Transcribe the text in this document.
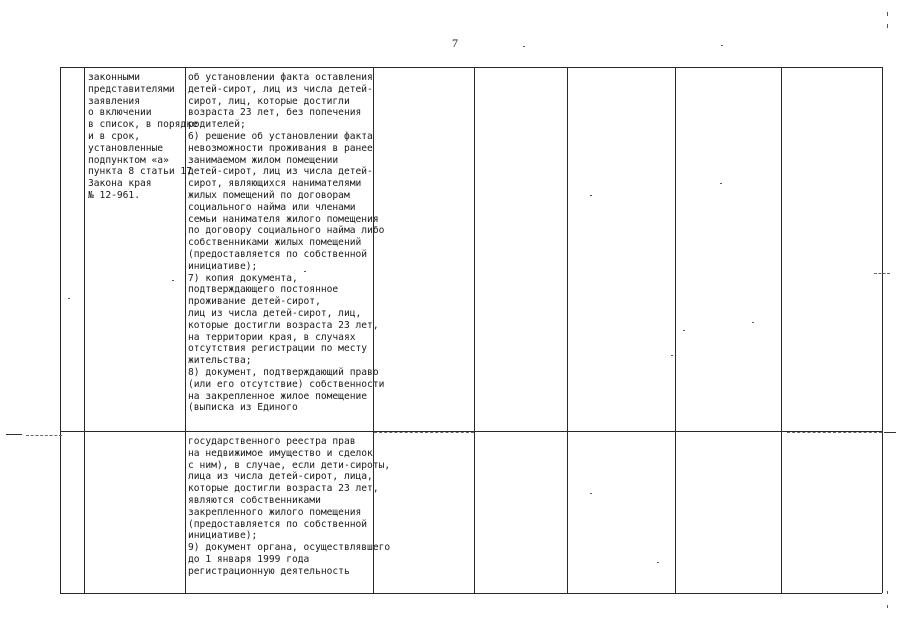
7
законными
представителями
заявления
о включении
в список, в порядке
и в срок,
установленные
подпунктом «а»
пункта 8 статьи 17
Закона края
№ 12-961.
об установлении факта оставления
детей-сирот, лиц из числа детей-
сирот, лиц, которые достигли
возраста 23 лет, без попечения
родителей;
6) решение об установлении факта
невозможности проживания в ранее
занимаемом жилом помещении
детей-сирот, лиц из числа детей-
сирот, являющихся нанимателями
жилых помещений по договорам
социального найма или членами
семьи нанимателя жилого помещения
по договору социального найма либо
собственниками жилых помещений
(предоставляется по собственной
инициативе);
7) копия документа,
подтверждающего постоянное
проживание детей-сирот,
лиц из числа детей-сирот, лиц,
которые достигли возраста 23 лет,
на территории края, в случаях
отсутствия регистрации по месту
жительства;
8) документ, подтверждающий право
(или его отсутствие) собственности
на закрепленное жилое помещение
(выписка из Единого
государственного реестра прав
на недвижимое имущество и сделок
с ним), в случае, если дети-сироты,
лица из числа детей-сирот, лица,
которые достигли возраста 23 лет,
являются собственниками
закрепленного жилого помещения
(предоставляется по собственной
инициативе);
9) документ органа, осуществлявшего
до 1 января 1999 года
регистрационную деятельность
